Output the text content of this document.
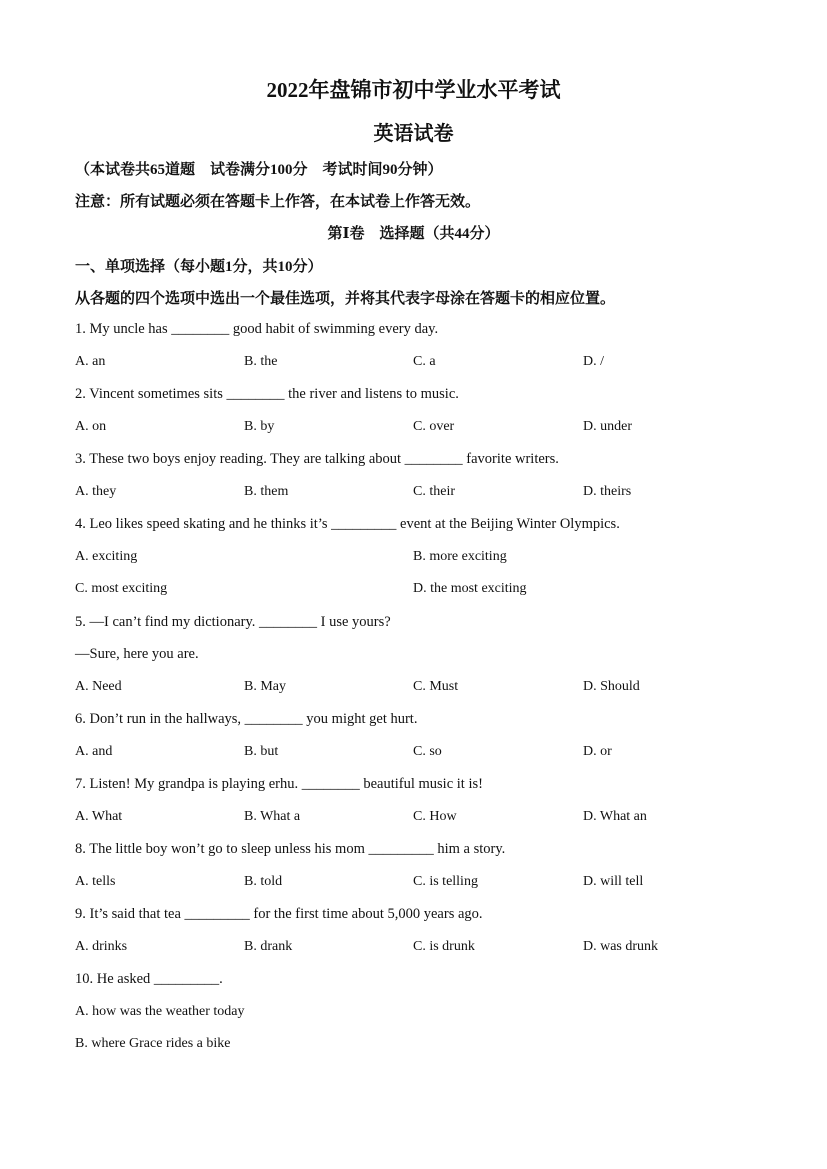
2022年盘锦市初中学业水平考试
英语试卷
（本试卷共65道题　试卷满分100分　考试时间90分钟）
注意：所有试题必须在答题卡上作答，在本试卷上作答无效。
第Ⅰ卷　选择题（共44分）
一、单项选择（每小题1分，共10分）
从各题的四个选项中选出一个最佳选项，并将其代表字母涂在答题卡的相应位置。
1. My uncle has ________ good habit of swimming every day.
A. an	B. the	C. a	D. /
2. Vincent sometimes sits ________ the river and listens to music.
A. on	B. by	C. over	D. under
3. These two boys enjoy reading. They are talking about ________ favorite writers.
A. they	B. them	C. their	D. theirs
4. Leo likes speed skating and he thinks it’s _________ event at the Beijing Winter Olympics.
A. exciting	B. more exciting
C. most exciting	D. the most exciting
5. —I can’t find my dictionary. ________ I use yours?
—Sure, here you are.
A. Need	B. May	C. Must	D. Should
6. Don’t run in the hallways, ________ you might get hurt.
A. and	B. but	C. so	D. or
7. Listen! My grandpa is playing erhu. ________ beautiful music it is!
A. What	B. What a	C. How	D. What an
8. The little boy won’t go to sleep unless his mom _________ him a story.
A. tells	B. told	C. is telling	D. will tell
9. It’s said that tea _________ for the first time about 5,000 years ago.
A. drinks	B. drank	C. is drunk	D. was drunk
10. He asked _________.
A. how was the weather today
B. where Grace rides a bike
